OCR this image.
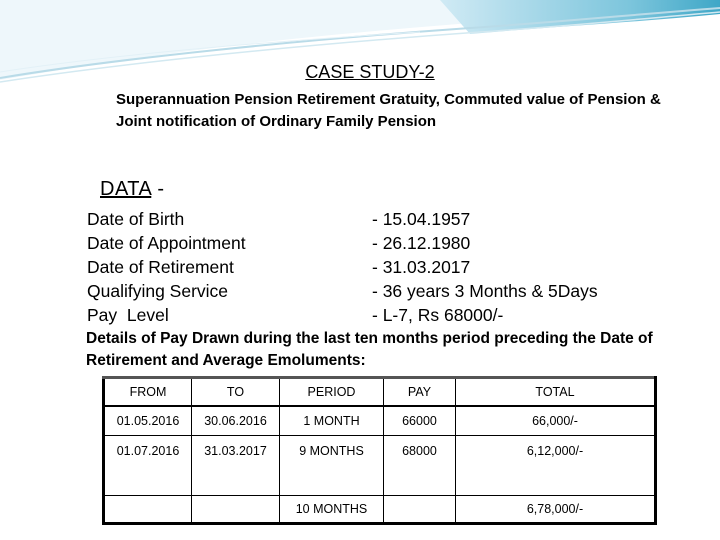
CASE STUDY-2
Superannuation Pension Retirement Gratuity, Commuted value of Pension & Joint notification of Ordinary Family Pension
DATA -
Date of Birth	- 15.04.1957
Date of Appointment	- 26.12.1980
Date of Retirement	- 31.03.2017
Qualifying Service	- 36 years 3 Months & 5Days
Pay  Level	- L-7, Rs 68000/-
Details of Pay Drawn during the last ten months period preceding the Date of Retirement and Average Emoluments:
FROM	TO	PERIOD	PAY	TOTAL
01.05.2016	30.06.2016	1 MONTH	66000	66,000/-
01.07.2016	31.03.2017	9 MONTHS	68000	6,12,000/-
		10 MONTHS		6,78,000/-
